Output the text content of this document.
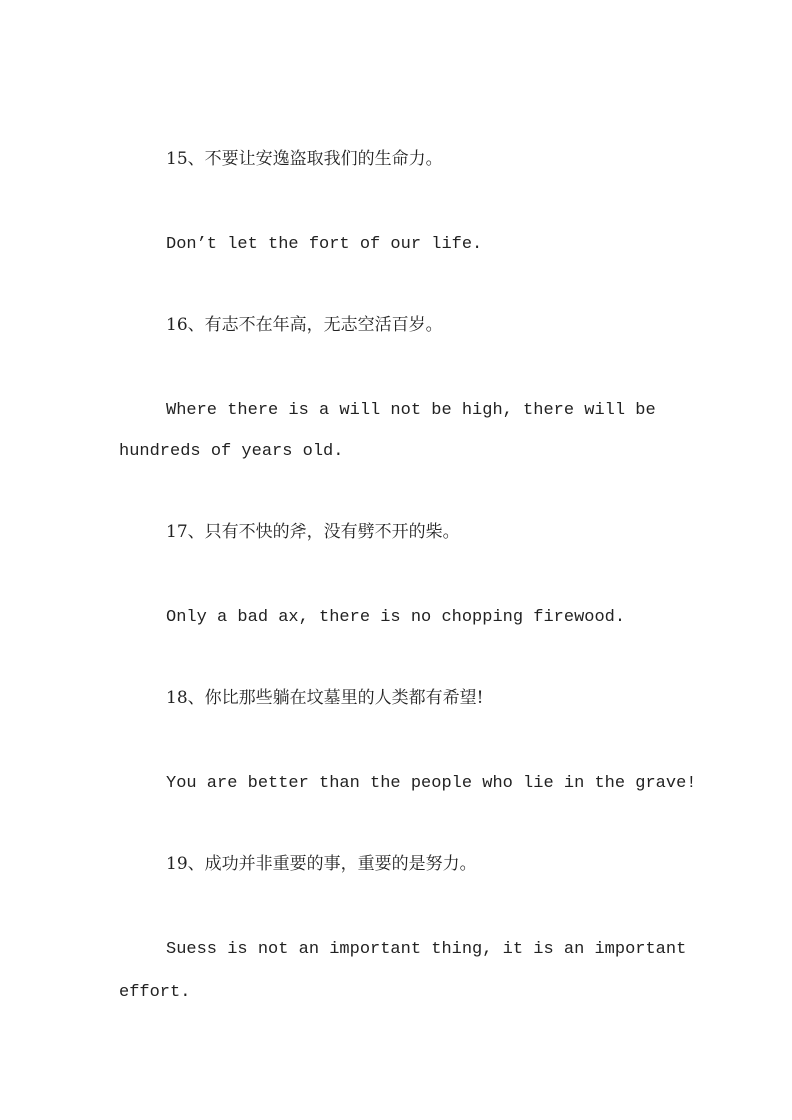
15、不要让安逸盗取我们的生命力。
Don’t let the fort of our life.
16、有志不在年高，无志空活百岁。
Where there is a will not be high, there will be
hundreds of years old.
17、只有不快的斧，没有劈不开的柴。
Only a bad ax, there is no chopping firewood.
18、你比那些躺在坟墓里的人类都有希望!
You are better than the people who lie in the grave!
19、成功并非重要的事，重要的是努力。
Suess is not an important thing, it is an important
effort.
